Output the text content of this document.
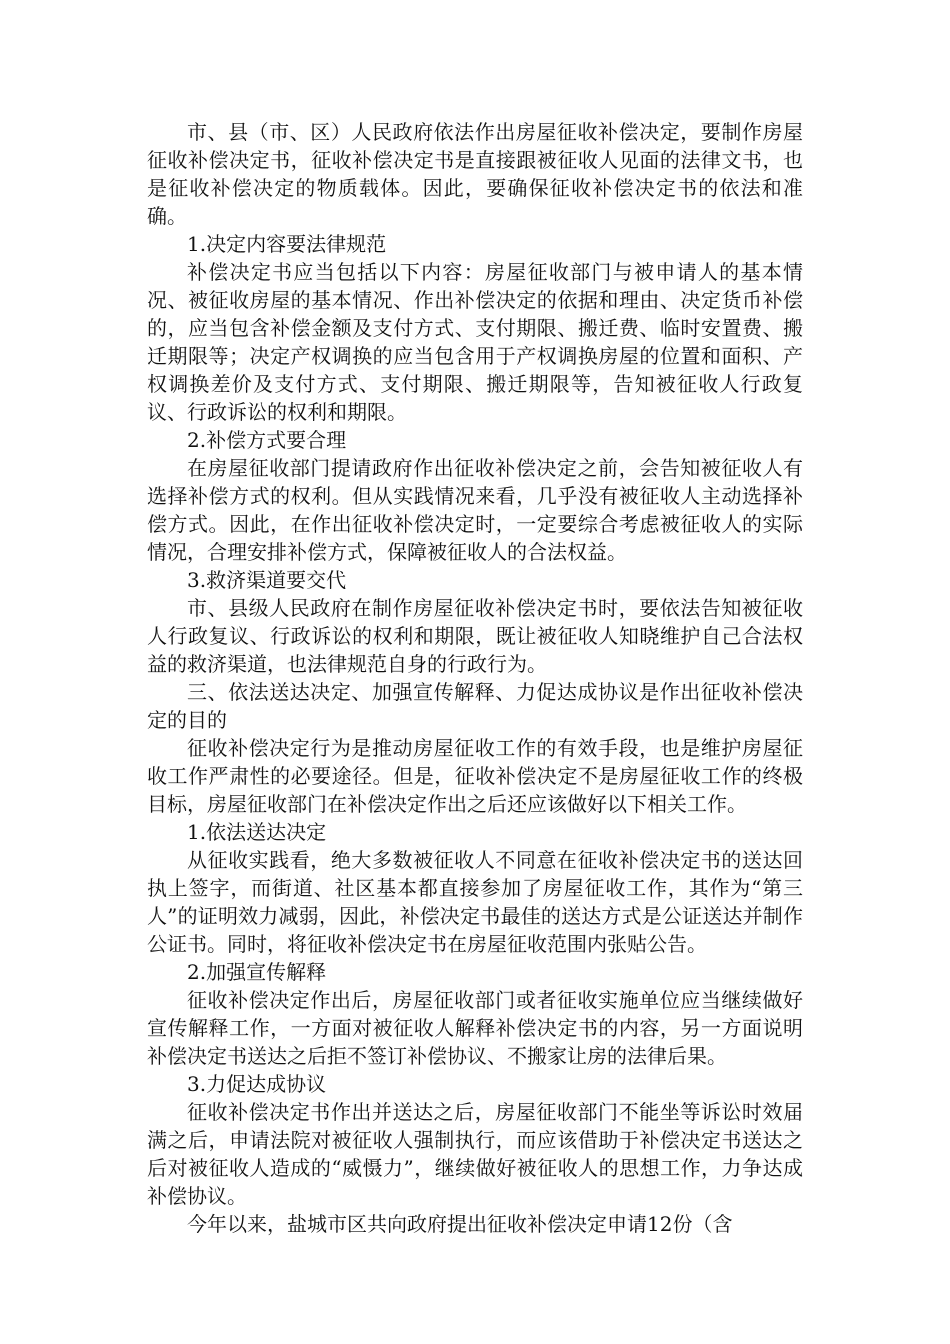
市、县（市、区）人民政府依法作出房屋征收补偿决定，要制作房屋征收补偿决定书，征收补偿决定书是直接跟被征收人见面的法律文书，也是征收补偿决定的物质载体。因此，要确保征收补偿决定书的依法和准确。

1.决定内容要法律规范

补偿决定书应当包括以下内容：房屋征收部门与被申请人的基本情况、被征收房屋的基本情况、作出补偿决定的依据和理由、决定货币补偿的，应当包含补偿金额及支付方式、支付期限、搬迁费、临时安置费、搬迁期限等；决定产权调换的应当包含用于产权调换房屋的位置和面积、产权调换差价及支付方式、支付期限、搬迁期限等，告知被征收人行政复议、行政诉讼的权利和期限。

2.补偿方式要合理

在房屋征收部门提请政府作出征收补偿决定之前，会告知被征收人有选择补偿方式的权利。但从实践情况来看，几乎没有被征收人主动选择补偿方式。因此，在作出征收补偿决定时，一定要综合考虑被征收人的实际情况，合理安排补偿方式，保障被征收人的合法权益。

3.救济渠道要交代

市、县级人民政府在制作房屋征收补偿决定书时，要依法告知被征收人行政复议、行政诉讼的权利和期限，既让被征收人知晓维护自己合法权益的救济渠道，也法律规范自身的行政行为。

三、依法送达决定、加强宣传解释、力促达成协议是作出征收补偿决定的目的

征收补偿决定行为是推动房屋征收工作的有效手段，也是维护房屋征收工作严肃性的必要途径。但是，征收补偿决定不是房屋征收工作的终极目标，房屋征收部门在补偿决定作出之后还应该做好以下相关工作。

1.依法送达决定

从征收实践看，绝大多数被征收人不同意在征收补偿决定书的送达回执上签字，而街道、社区基本都直接参加了房屋征收工作，其作为“第三人”的证明效力减弱，因此，补偿决定书最佳的送达方式是公证送达并制作公证书。同时，将征收补偿决定书在房屋征收范围内张贴公告。

2.加强宣传解释

征收补偿决定作出后，房屋征收部门或者征收实施单位应当继续做好宣传解释工作，一方面对被征收人解释补偿决定书的内容，另一方面说明补偿决定书送达之后拒不签订补偿协议、不搬家让房的法律后果。

3.力促达成协议

征收补偿决定书作出并送达之后，房屋征收部门不能坐等诉讼时效届满之后，申请法院对被征收人强制执行，而应该借助于补偿决定书送达之后对被征收人造成的“威慑力”，继续做好被征收人的思想工作，力争达成补偿协议。

今年以来，盐城市区共向政府提出征收补偿决定申请12份（含
